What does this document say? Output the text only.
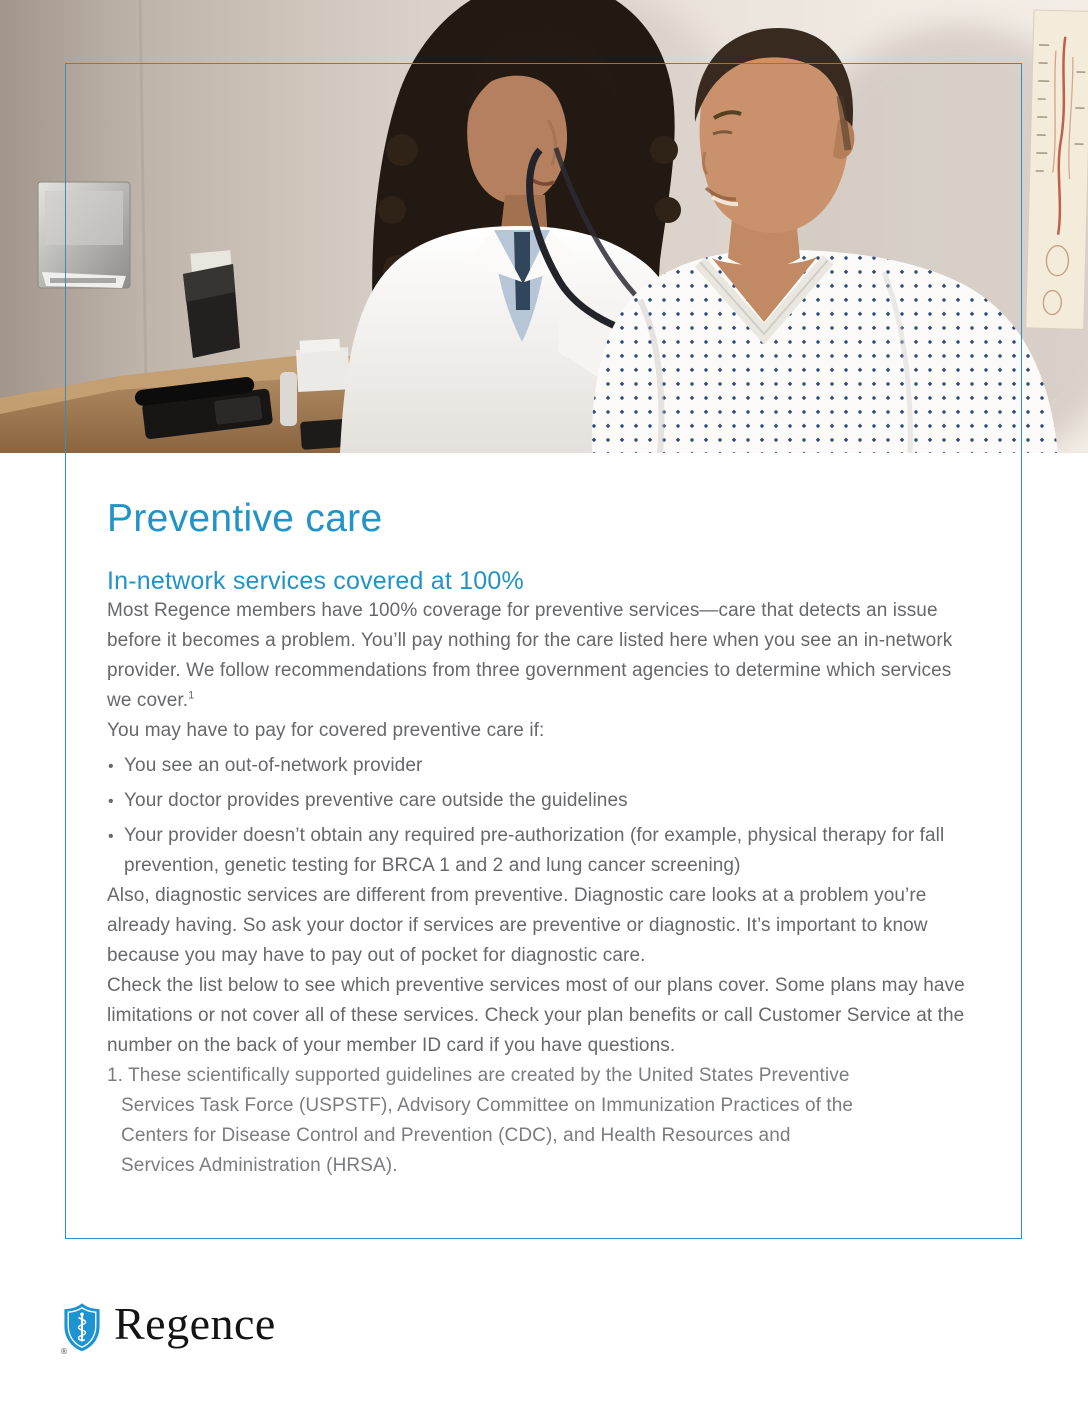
Preventive care
In-network services covered at 100%

Most Regence members have 100% coverage for preventive services—care that detects an issue before it becomes a problem. You’ll pay nothing for the care listed here when you see an in-network provider. We follow recommendations from three government agencies to determine which services we cover.$^1$

You may have to pay for covered preventive care if:

• You see an out-of-network provider
• Your doctor provides preventive care outside the guidelines
• Your provider doesn’t obtain any required pre-authorization (for example, physical therapy for fall prevention, genetic testing for BRCA 1 and 2 and lung cancer screening)

Also, diagnostic services are different from preventive. Diagnostic care looks at a problem you’re already having. So ask your doctor if services are preventive or diagnostic. It’s important to know because you may have to pay out of pocket for diagnostic care.

Check the list below to see which preventive services most of our plans cover. Some plans may have limitations or not cover all of these services. Check your plan benefits or call Customer Service at the number on the back of your member ID card if you have questions.

1. These scientifically supported guidelines are created by the United States Preventive Services Task Force (USPSTF), Advisory Committee on Immunization Practices of the Centers for Disease Control and Prevention (CDC), and Health Resources and Services Administration (HRSA).

®
Regence
